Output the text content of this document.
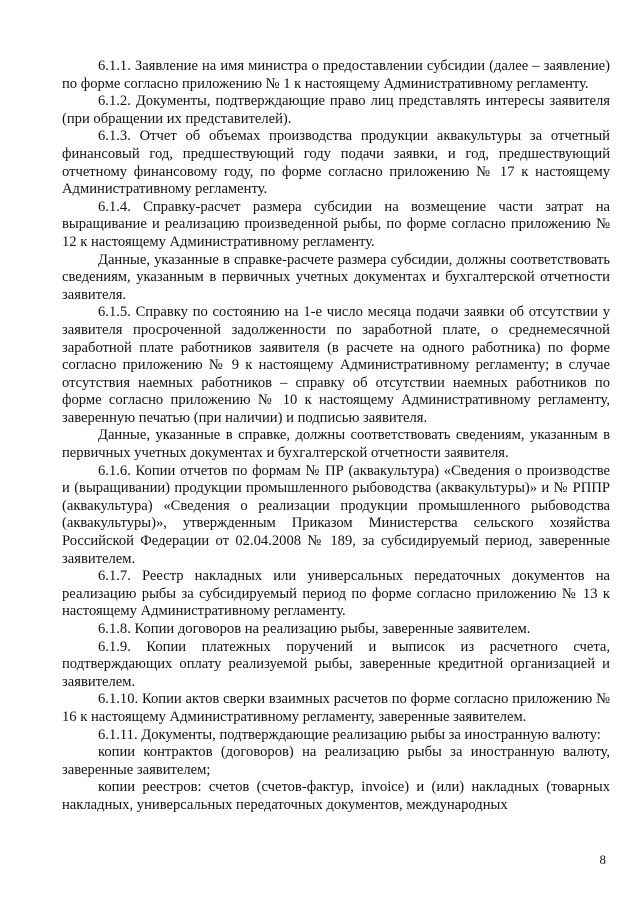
6.1.1. Заявление на имя министра о предоставлении субсидии (далее – заявление) по форме согласно приложению № 1 к настоящему Административному регламенту.

6.1.2. Документы, подтверждающие право лиц представлять интересы заявителя (при обращении их представителей).

6.1.3. Отчет об объемах производства продукции аквакультуры за отчетный финансовый год, предшествующий году подачи заявки, и год, предшествующий отчетному финансовому году, по форме согласно приложению № 17 к настоящему Административному регламенту.

6.1.4. Справку-расчет размера субсидии на возмещение части затрат на выращивание и реализацию произведенной рыбы, по форме согласно приложению № 12 к настоящему Административному регламенту.

Данные, указанные в справке-расчете размера субсидии, должны соответствовать сведениям, указанным в первичных учетных документах и бухгалтерской отчетности заявителя.

6.1.5. Справку по состоянию на 1-е число месяца подачи заявки об отсутствии у заявителя просроченной задолженности по заработной плате, о среднемесячной заработной плате работников заявителя (в расчете на одного работника) по форме согласно приложению № 9 к настоящему Административному регламенту; в случае отсутствия наемных работников – справку об отсутствии наемных работников по форме согласно приложению № 10 к настоящему Административному регламенту, заверенную печатью (при наличии) и подписью заявителя.

Данные, указанные в справке, должны соответствовать сведениям, указанным в первичных учетных документах и бухгалтерской отчетности заявителя.

6.1.6. Копии отчетов по формам № ПР (аквакультура) «Сведения о производстве и (выращивании) продукции промышленного рыбоводства (аквакультуры)» и № РППР (аквакультура) «Сведения о реализации продукции промышленного рыбоводства (аквакультуры)», утвержденным Приказом Министерства сельского хозяйства Российской Федерации от 02.04.2008 № 189, за субсидируемый период, заверенные заявителем.

6.1.7. Реестр накладных или универсальных передаточных документов на реализацию рыбы за субсидируемый период по форме согласно приложению № 13 к настоящему Административному регламенту.

6.1.8. Копии договоров на реализацию рыбы, заверенные заявителем.

6.1.9. Копии платежных поручений и выписок из расчетного счета, подтверждающих оплату реализуемой рыбы, заверенные кредитной организацией и заявителем.

6.1.10. Копии актов сверки взаимных расчетов по форме согласно приложению № 16 к настоящему Административному регламенту, заверенные заявителем.

6.1.11. Документы, подтверждающие реализацию рыбы за иностранную валюту:

копии контрактов (договоров) на реализацию рыбы за иностранную валюту, заверенные заявителем;

копии реестров: счетов (счетов-фактур, invoice) и (или) накладных (товарных накладных, универсальных передаточных документов, международных

8
